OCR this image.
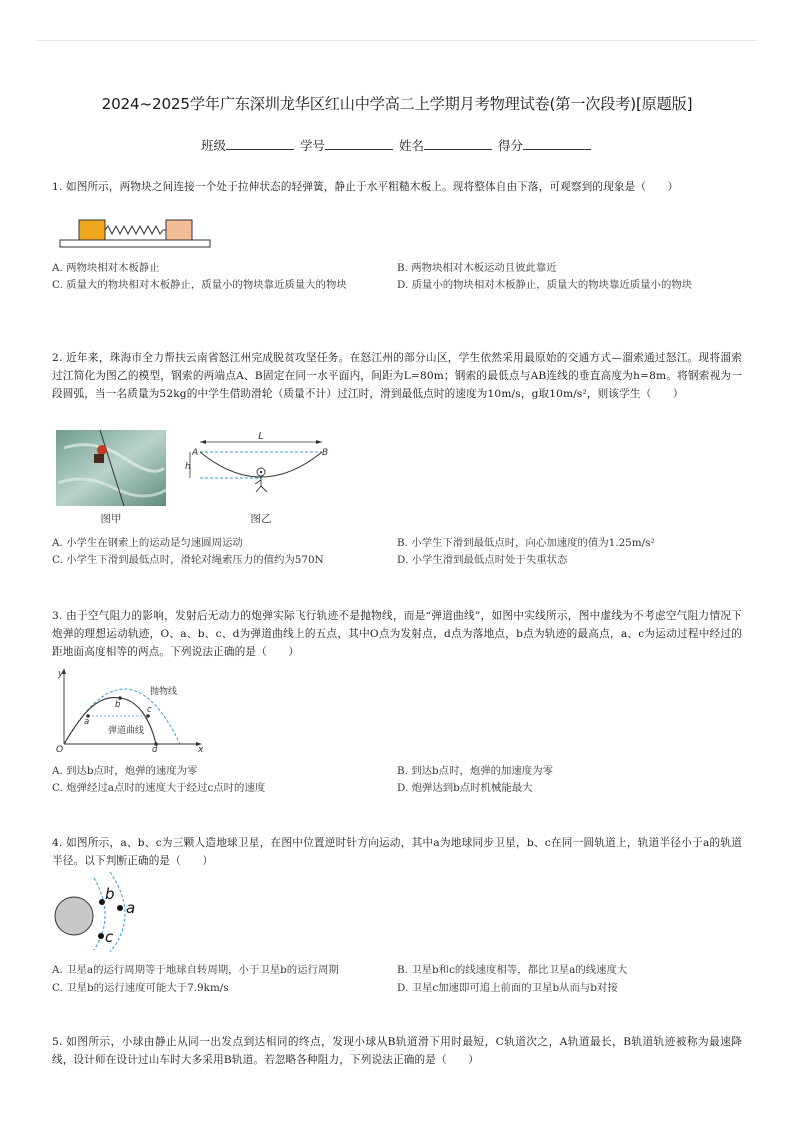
2024~2025学年广东深圳龙华区红山中学高二上学期月考物理试卷(第一次段考)[原题版]
班级	学号	姓名	得分
1. 如图所示，两物块之间连接一个处于拉伸状态的轻弹簧，静止于水平粗糙木板上。现将整体自由下落，可观察到的现象是（　　）
A. 两物块相对木板静止	B. 两物块相对木板运动且彼此靠近
C. 质量大的物块相对木板静止，质量小的物块靠近质量大的物块	D. 质量小的物块相对木板静止，质量大的物块靠近质量小的物块
2. 近年来，珠海市全力帮扶云南省怒江州完成脱贫攻坚任务。在怒江州的部分山区，学生依然采用最原始的交通方式—溜索通过怒江。现将溜索过江简化为图乙的模型，钢索的两端点A、B固定在同一水平面内，间距为L=80m；钢索的最低点与AB连线的垂直高度为h=8m。将钢索视为一段圆弧，当一名质量为52kg的中学生借助滑轮（质量不计）过江时，滑到最低点时的速度为10m/s，g取10m/s²，则该学生（　　）
图甲
L
h
A	B
图乙
A. 小学生在钢索上的运动是匀速圆周运动	B. 小学生下滑到最低点时，向心加速度的值为1.25m/s²
C. 小学生下滑到最低点时，滑轮对绳索压力的值约为570N	D. 小学生滑到最低点时处于失重状态
3. 由于空气阻力的影响，发射后无动力的炮弹实际飞行轨迹不是抛物线，而是“弹道曲线”，如图中实线所示，图中虚线为不考虑空气阻力情况下炮弹的理想运动轨迹，O、a、b、c、d为弹道曲线上的五点，其中O点为发射点，d点为落地点，b点为轨迹的最高点，a、c为运动过程中经过的距地面高度相等的两点。下列说法正确的是（　　）
y
x
O
a
b	c
d
抛物线
弹道曲线
A. 到达b点时，炮弹的速度为零	B. 到达b点时，炮弹的加速度为零
C. 炮弹经过a点时的速度大于经过c点时的速度	D. 炮弹达到b点时机械能最大
4. 如图所示，a、b、c为三颗人造地球卫星，在图中位置逆时针方向运动，其中a为地球同步卫星，b、c在同一圆轨道上，轨道半径小于a的轨道半径。以下判断正确的是（　　）
b
a
c
A. 卫星a的运行周期等于地球自转周期，小于卫星b的运行周期	B. 卫星b和c的线速度相等，都比卫星a的线速度大
C. 卫星b的运行速度可能大于7.9km/s	D. 卫星c加速即可追上前面的卫星b从而与b对接
5. 如图所示，小球由静止从同一出发点到达相同的终点，发现小球从B轨道滑下用时最短，C轨道次之，A轨道最长，B轨道轨迹被称为最速降线，设计师在设计过山车时大多采用B轨道。若忽略各种阻力，下列说法正确的是（　　）
